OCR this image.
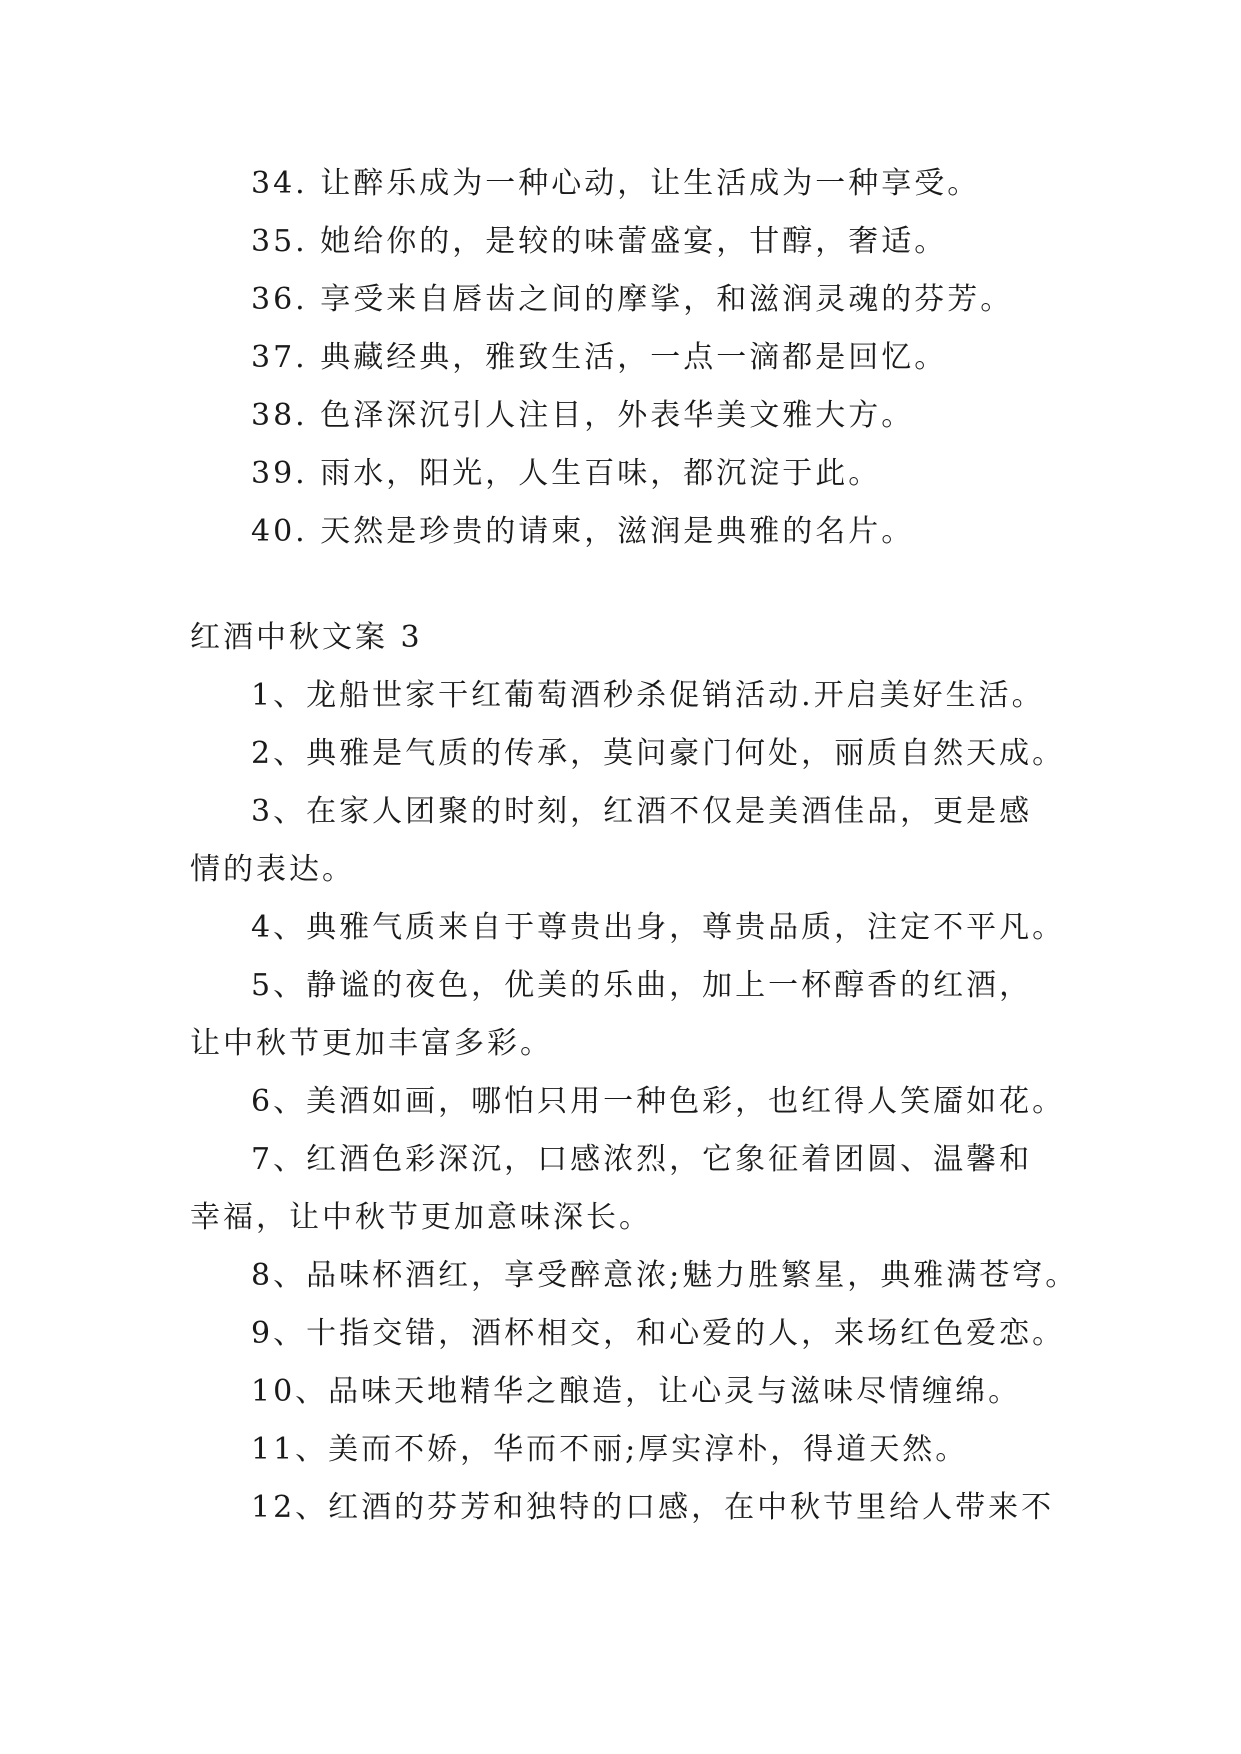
34. 让醉乐成为一种心动，让生活成为一种享受。
35. 她给你的，是较的味蕾盛宴，甘醇，奢适。
36. 享受来自唇齿之间的摩挲，和滋润灵魂的芬芳。
37. 典藏经典，雅致生活，一点一滴都是回忆。
38. 色泽深沉引人注目，外表华美文雅大方。
39. 雨水，阳光，人生百味，都沉淀于此。
40. 天然是珍贵的请柬，滋润是典雅的名片。
红酒中秋文案 3
1、龙船世家干红葡萄酒秒杀促销活动.开启美好生活。
2、典雅是气质的传承，莫问豪门何处，丽质自然天成。
3、在家人团聚的时刻，红酒不仅是美酒佳品，更是感
情的表达。
4、典雅气质来自于尊贵出身，尊贵品质，注定不平凡。
5、静谧的夜色，优美的乐曲，加上一杯醇香的红酒，
让中秋节更加丰富多彩。
6、美酒如画，哪怕只用一种色彩，也红得人笑靥如花。
7、红酒色彩深沉，口感浓烈，它象征着团圆、温馨和
幸福，让中秋节更加意味深长。
8、品味杯酒红，享受醉意浓;魅力胜繁星，典雅满苍穹。
9、十指交错，酒杯相交，和心爱的人，来场红色爱恋。
10、品味天地精华之酿造，让心灵与滋味尽情缠绵。
11、美而不娇，华而不丽;厚实淳朴，得道天然。
12、红酒的芬芳和独特的口感，在中秋节里给人带来不
